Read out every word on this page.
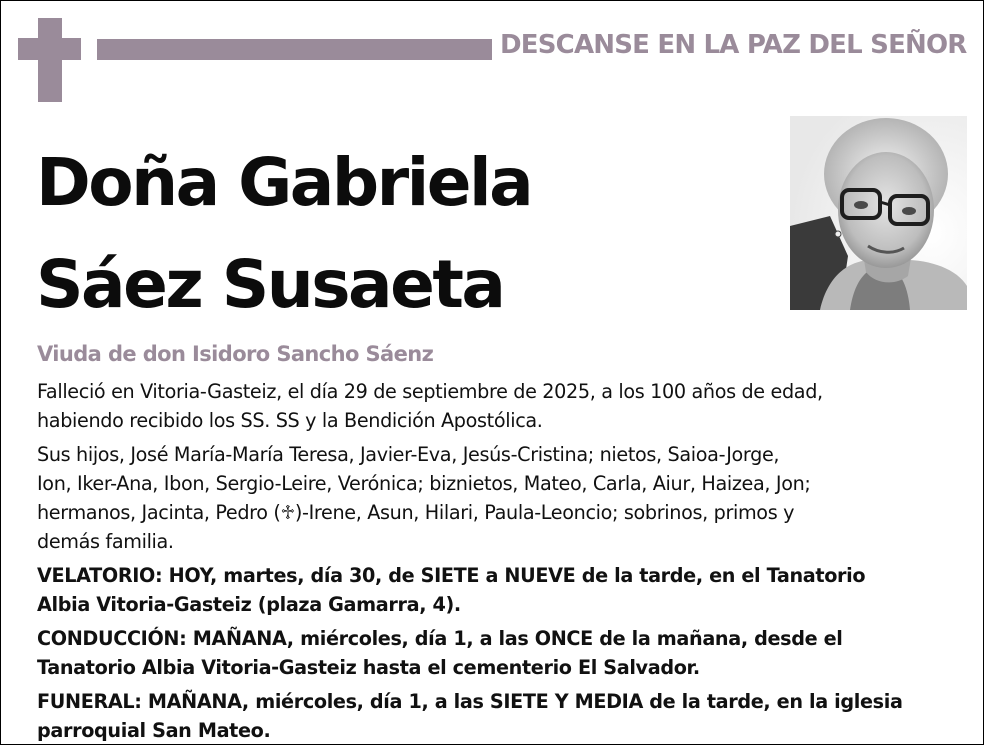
DESCANSE EN LA PAZ DEL SEÑOR
Doña Gabriela
Sáez Susaeta
Viuda de don Isidoro Sancho Sáenz

Falleció en Vitoria-Gasteiz, el día 29 de septiembre de 2025, a los 100 años de edad,
habiendo recibido los SS. SS y la Bendición Apostólica.

Sus hijos, José María-María Teresa, Javier-Eva, Jesús-Cristina; nietos, Saioa-Jorge,
Ion, Iker-Ana, Ibon, Sergio-Leire, Verónica; biznietos, Mateo, Carla, Aiur, Haizea, Jon;
hermanos, Jacinta, Pedro (♱)-Irene, Asun, Hilari, Paula-Leoncio; sobrinos, primos y
demás familia.

VELATORIO: HOY, martes, día 30, de SIETE a NUEVE de la tarde, en el Tanatorio
Albia Vitoria-Gasteiz (plaza Gamarra, 4).

CONDUCCIÓN: MAÑANA, miércoles, día 1, a las ONCE de la mañana, desde el
Tanatorio Albia Vitoria-Gasteiz hasta el cementerio El Salvador.

FUNERAL: MAÑANA, miércoles, día 1, a las SIETE Y MEDIA de la tarde, en la iglesia
parroquial San Mateo.
